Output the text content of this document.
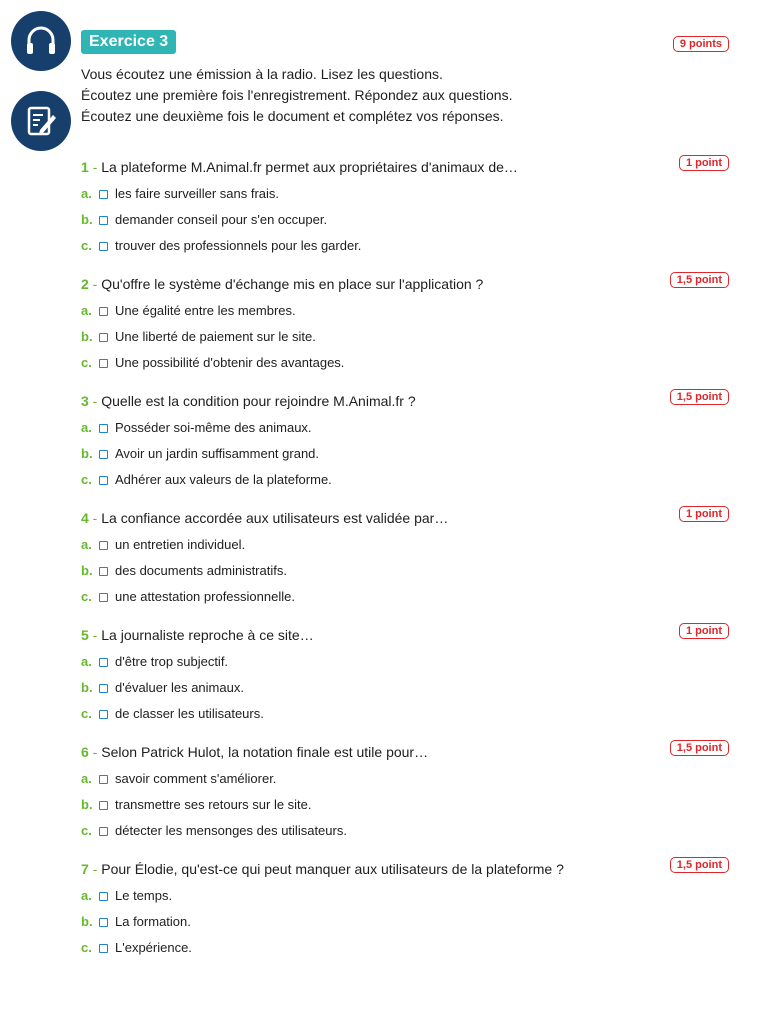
Exercice 3	9 points
Vous écoutez une émission à la radio. Lisez les questions.
Écoutez une première fois l'enregistrement. Répondez aux questions.
Écoutez une deuxième fois le document et complétez vos réponses.
1 - La plateforme M.Animal.fr permet aux propriétaires d'animaux de…	1 point
a.	les faire surveiller sans frais.
b.	demander conseil pour s'en occuper.
c.	trouver des professionnels pour les garder.
2 - Qu'offre le système d'échange mis en place sur l'application ?	1,5 point
a.	Une égalité entre les membres.
b.	Une liberté de paiement sur le site.
c.	Une possibilité d'obtenir des avantages.
3 - Quelle est la condition pour rejoindre M.Animal.fr ?	1,5 point
a.	Posséder soi-même des animaux.
b.	Avoir un jardin suffisamment grand.
c.	Adhérer aux valeurs de la plateforme.
4 - La confiance accordée aux utilisateurs est validée par…	1 point
a.	un entretien individuel.
b.	des documents administratifs.
c.	une attestation professionnelle.
5 - La journaliste reproche à ce site…	1 point
a.	d'être trop subjectif.
b.	d'évaluer les animaux.
c.	de classer les utilisateurs.
6 - Selon Patrick Hulot, la notation finale est utile pour…	1,5 point
a.	savoir comment s'améliorer.
b.	transmettre ses retours sur le site.
c.	détecter les mensonges des utilisateurs.
7 - Pour Élodie, qu'est-ce qui peut manquer aux utilisateurs de la plateforme ?	1,5 point
a.	Le temps.
b.	La formation.
c.	L'expérience.
